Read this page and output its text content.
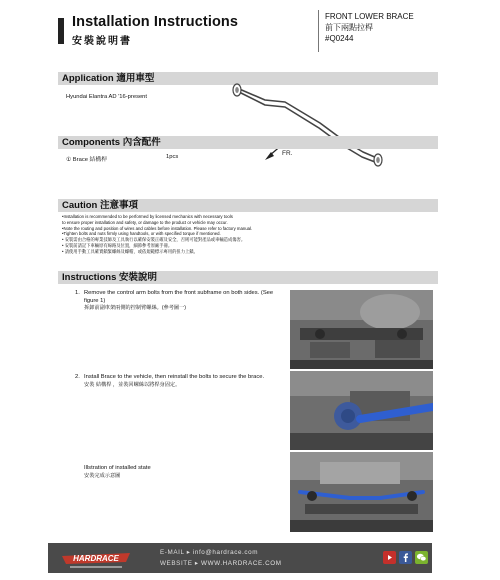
Installation Instructions
安裝說明書
FRONT LOWER BRACE
前下兩點拉桿
#Q0244
Application 適用車型
Hyundai Elantra AD '16-present
FR.
Components 內含配件
① Brace 結構桿	1pcs
Caution 注意事項
•Installation is recommended to be performed by licensed mechanics with necessary tools
to ensure proper installation and safety, or damage to the product or vehicle may occur.
•Note the routing and position of wires and cables before installation. Please refer to factory manual.
•Tighten bolts and nuts firmly using handtools, or with specified torque if mentioned.
• 安裝需由合格的專業技師及工具執行以確保安裝正確及安全，否則可能對產品或車輛造成傷害。
• 安裝前請記下車輛原有線路及位置，細節參考原廠手冊。
• 請使用手動工具確實鎖緊螺絲及螺帽，或依規範標示專用的扭力上鎖。
Instructions 安裝說明
1. Remove the control arm bolts from the front subframe on both sides. (See figure 1)
拆卸前副車架兩側的控制臂螺絲。(參考圖一)
2. Install Brace to the vehicle, then reinstall the bolts to secure the brace.
安裝 結構桿 ，並裝回螺絲以將桿身固定。
Illstration of installed state
安裝完成示意圖
HARDRACE
E-MAIL ▸ info@hardrace.com
WEBSITE ▸ WWW.HARDRACE.COM
